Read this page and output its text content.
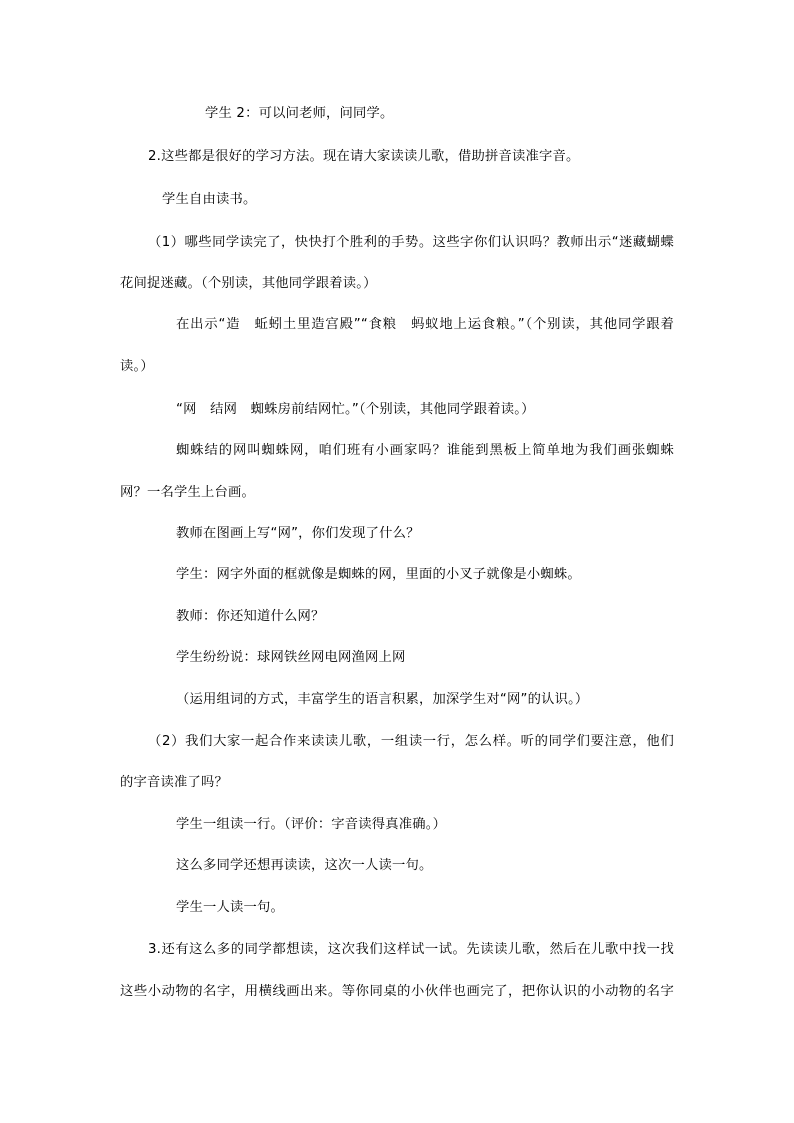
学生 2：可以问老师，问同学。
2.这些都是很好的学习方法。现在请大家读读儿歌，借助拼音读准字音。
学生自由读书。
（1）哪些同学读完了，快快打个胜利的手势。这些字你们认识吗？教师出示“迷藏蝴蝶
花间捉迷藏。（个别读，其他同学跟着读。）
在出示“造　蚯蚓土里造宫殿”“食粮　蚂蚁地上运食粮。”（个别读，其他同学跟着
读。）
“网　结网　蜘蛛房前结网忙。”（个别读，其他同学跟着读。）
蜘蛛结的网叫蜘蛛网，咱们班有小画家吗？谁能到黑板上简单地为我们画张蜘蛛
网？一名学生上台画。
教师在图画上写“网”，你们发现了什么？
学生：网字外面的框就像是蜘蛛的网，里面的小叉子就像是小蜘蛛。
教师：你还知道什么网？
学生纷纷说：球网铁丝网电网渔网上网
（运用组词的方式，丰富学生的语言积累，加深学生对“网”的认识。）
（2）我们大家一起合作来读读儿歌，一组读一行，怎么样。听的同学们要注意，他们
的字音读准了吗？
学生一组读一行。（评价：字音读得真准确。）
这么多同学还想再读读，这次一人读一句。
学生一人读一句。
3.还有这么多的同学都想读，这次我们这样试一试。先读读儿歌，然后在儿歌中找一找
这些小动物的名字，用横线画出来。等你同桌的小伙伴也画完了，把你认识的小动物的名字
